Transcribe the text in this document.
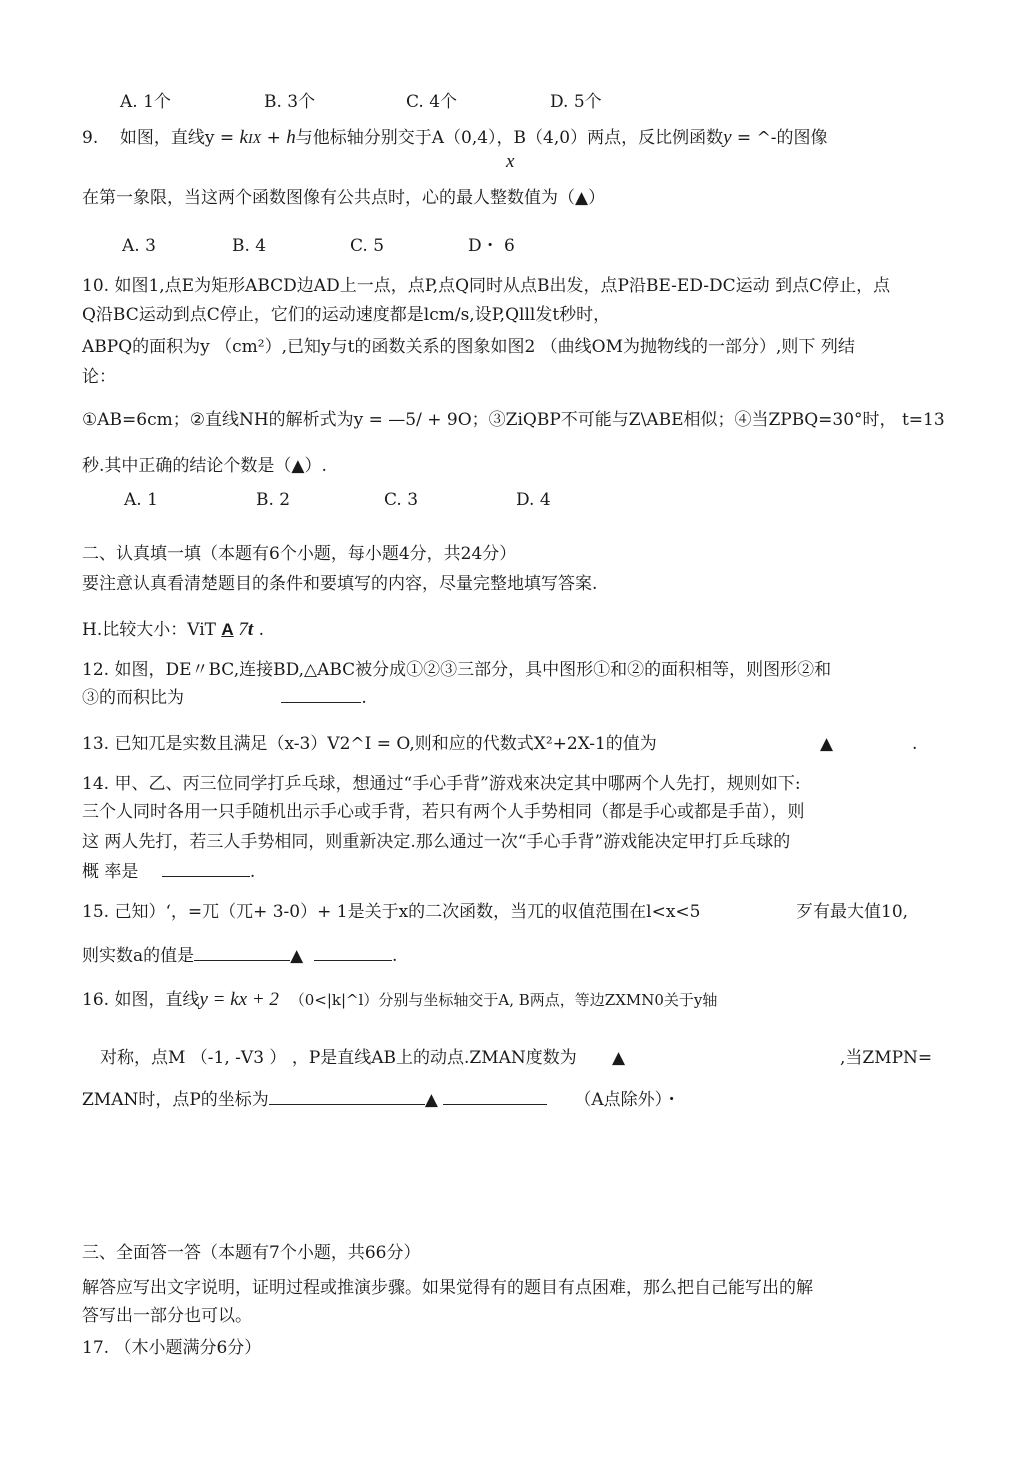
A. 1个	B. 3个	C. 4个	D. 5个
9. 如图，直线y = kIX + h与他标轴分别交于A（0,4），B（4,0）两点，反比例函数y = ^-的图像
x
在第一象限，当这两个函数图像有公共点时，心的最人整数值为（▲）
A. 3	B. 4	C. 5	D・ 6
10. 如图1,点E为矩形ABCD边AD上一点，点P,点Q同时从点B出发，点P沿BE-ED-DC运动 到点C停止，点
Q沿BC运动到点C停止，它们的运动速度都是lcm/s,设P,Qlll发t秒时，
ABPQ的面积为y （cm²）,已知y与t的函数关系的图象如图2 （曲线OM为抛物线的一部分）,则下 列结
论：
①AB=6cm；②直线NH的解析式为y = —5/ + 9O；③ZiQBP不可能与Z\ABE相似；④当ZPBQ=30°时， t=13
秒.其中正确的结论个数是（▲）.
A. 1	B. 2	C. 3	D. 4
二、认真填一填（本题有6个小题，每小题4分，共24分）
要注意认真看清楚题目的条件和要填写的内容，尽量完整地填写答案.
H.比较大小：ViT A 7t .
12. 如图，DE〃BC,连接BD,△ABC被分成①②③三部分，具中图形①和②的面积相等，则图形②和
③的而积比为	.
13. 已知兀是实数且满足（x-3）V2^I = O,则和应的代数式X²+2X-1的值为	▲	.
14. 甲、乙、丙三位同学打乒乓球，想通过“手心手背”游戏來决定其中哪两个人先打，规则如下:
三个人同时各用一只手随机出示手心或手背，若只有两个人手势相同（都是手心或都是手苗），则
这 两人先打，若三人手势相同，则重新决定.那么通过一次“手心手背”游戏能决定甲打乒乓球的
概 率是	.
15. 己知）‘，=兀（兀+ 3-0）+ 1是关于x的二次函数，当兀的収值范围在l<x<5	歹有最大值10,
则实数a的值是	▲	.
16. 如图，直线y = kx + 2 （0<|k|^l）分别与坐标轴交于A, B两点，等边ZXMN0关于y轴
对称，点M （-1, -V3 ） ，P是直线AB上的动点.ZMAN度数为 ▲	,当ZMPN=
ZMAN时，点P的坐标为	▲	（A点除外）・
三、全面答一答（本题有7个小题，共66分）
解答应写出文字说明，证明过程或推演步骤。如果觉得有的题目有点困难，那么把自己能写出的解
答写出一部分也可以。
17. （木小题满分6分）
